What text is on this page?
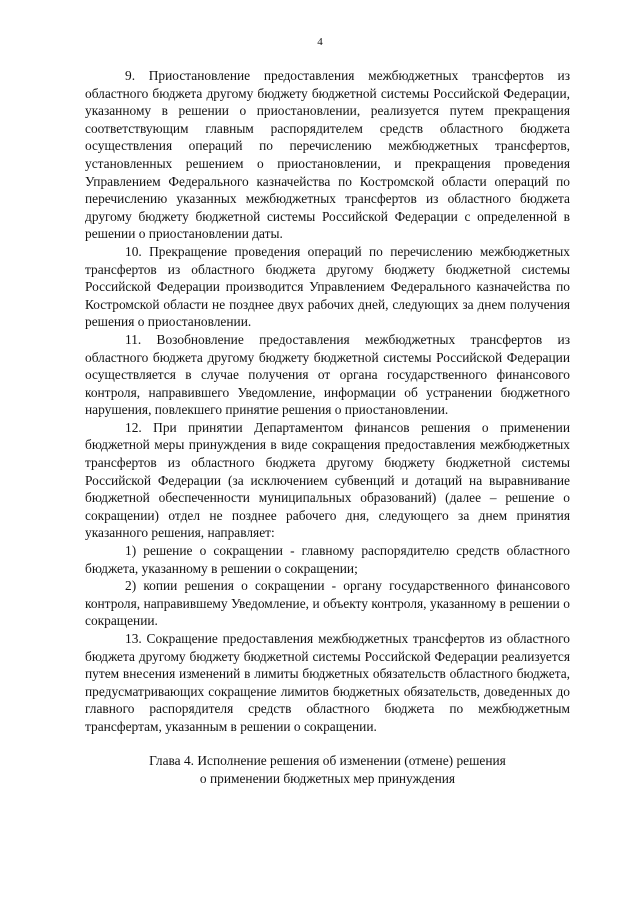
4

9. Приостановление предоставления межбюджетных трансфертов из областного бюджета другому бюджету бюджетной системы Российской Федерации, указанному в решении о приостановлении, реализуется путем прекращения соответствующим главным распорядителем средств областного бюджета осуществления операций по перечислению межбюджетных трансфертов, установленных решением о приостановлении, и прекращения проведения Управлением Федерального казначейства по Костромской области операций по перечислению указанных межбюджетных трансфертов из областного бюджета другому бюджету бюджетной системы Российской Федерации с определенной в решении о приостановлении даты.

10. Прекращение проведения операций по перечислению межбюджетных трансфертов из областного бюджета другому бюджету бюджетной системы Российской Федерации производится Управлением Федерального казначейства по Костромской области не позднее двух рабочих дней, следующих за днем получения решения о приостановлении.

11. Возобновление предоставления межбюджетных трансфертов из областного бюджета другому бюджету бюджетной системы Российской Федерации осуществляется в случае получения от органа государственного финансового контроля, направившего Уведомление, информации об устранении бюджетного нарушения, повлекшего принятие решения о приостановлении.

12. При принятии Департаментом финансов решения о применении бюджетной меры принуждения в виде сокращения предоставления межбюджетных трансфертов из областного бюджета другому бюджету бюджетной системы Российской Федерации (за исключением субвенций и дотаций на выравнивание бюджетной обеспеченности муниципальных образований) (далее – решение о сокращении) отдел не позднее рабочего дня, следующего за днем принятия указанного решения, направляет:

1) решение о сокращении - главному распорядителю средств областного бюджета, указанному в решении о сокращении;

2) копии решения о сокращении - органу государственного финансового контроля, направившему Уведомление, и объекту контроля, указанному в решении о сокращении.

13. Сокращение предоставления межбюджетных трансфертов из областного бюджета другому бюджету бюджетной системы Российской Федерации реализуется путем внесения изменений в лимиты бюджетных обязательств областного бюджета, предусматривающих сокращение лимитов бюджетных обязательств, доведенных до главного распорядителя средств областного бюджета по межбюджетным трансфертам, указанным в решении о сокращении.

Глава 4. Исполнение решения об изменении (отмене) решения
о применении бюджетных мер принуждения
